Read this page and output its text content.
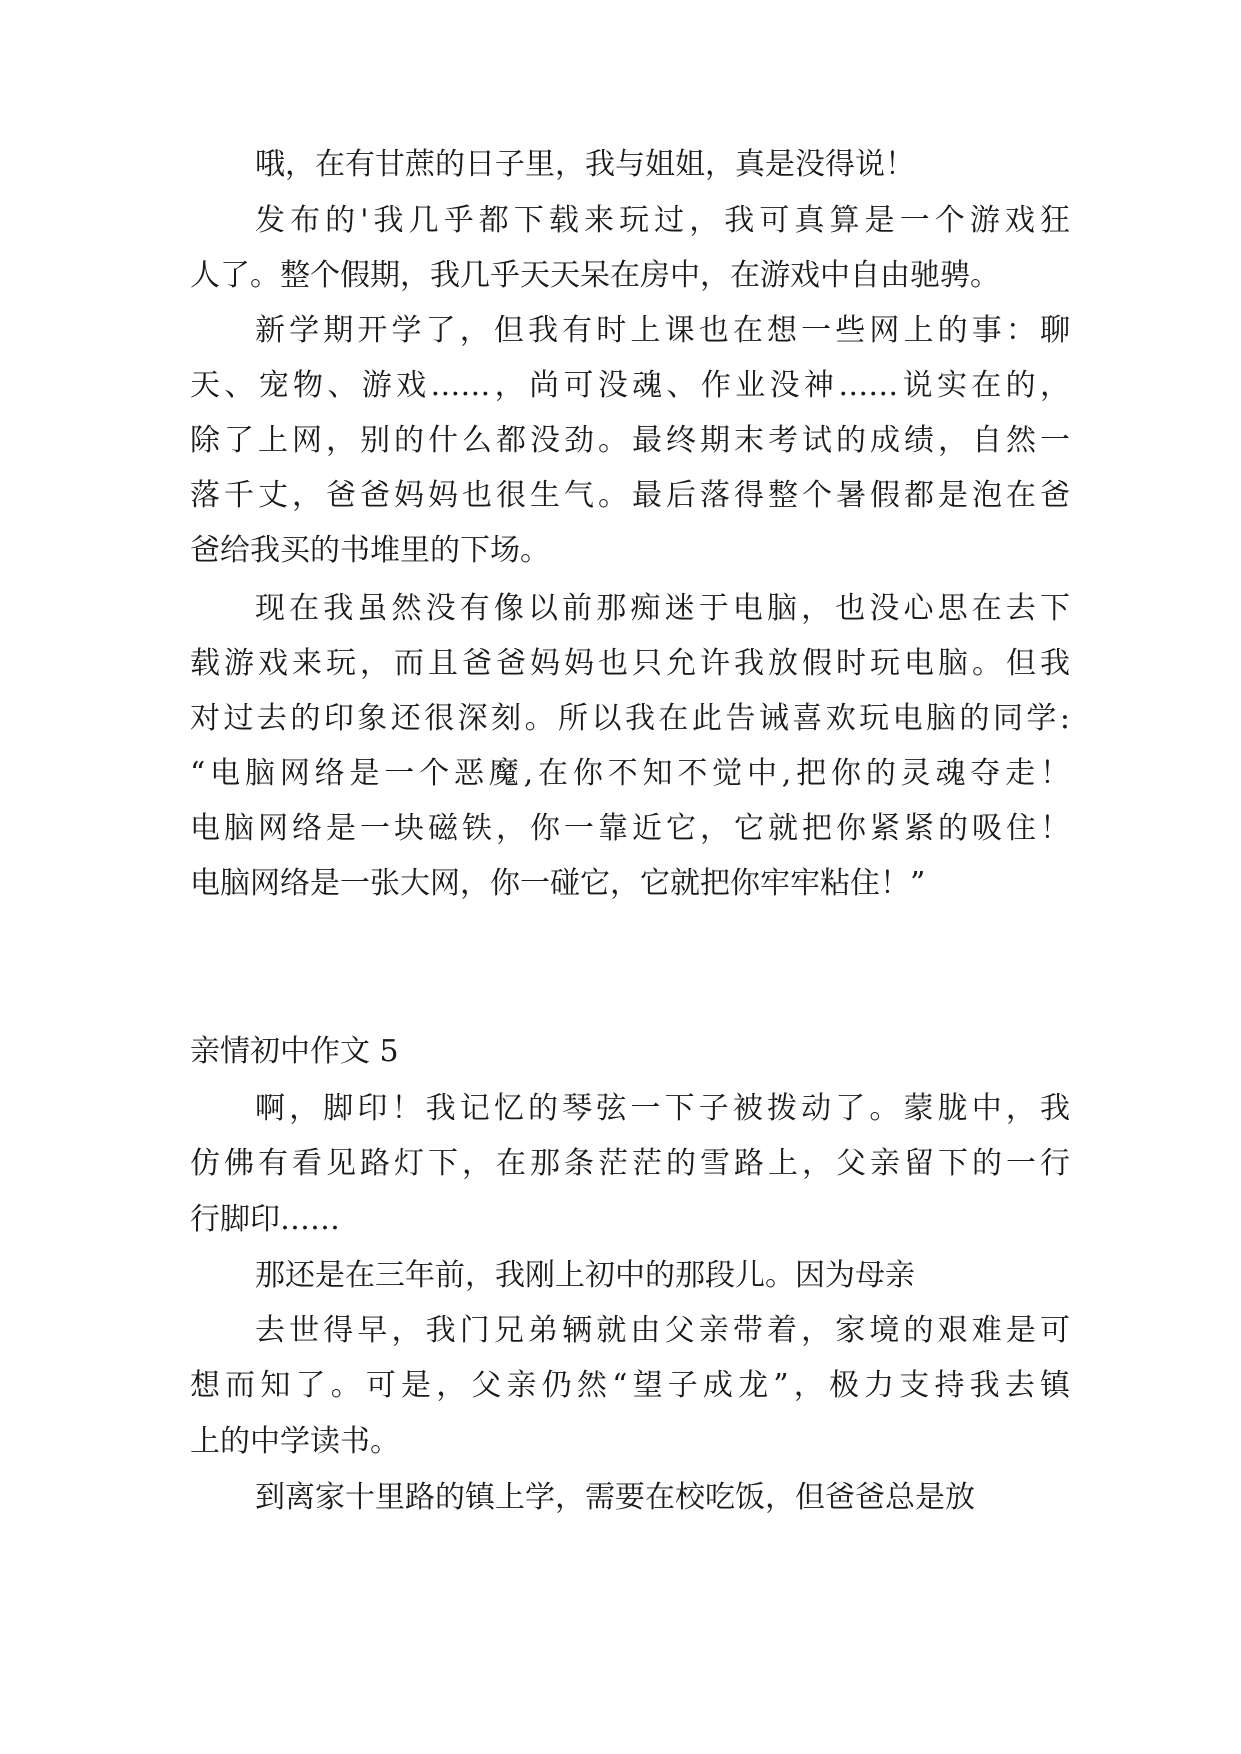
哦，在有甘蔗的日子里，我与姐姐，真是没得说！
发布的'我几乎都下载来玩过，我可真算是一个游戏狂
人了。整个假期，我几乎天天呆在房中，在游戏中自由驰骋。
新学期开学了，但我有时上课也在想一些网上的事：聊
天、宠物、游戏……，尚可没魂、作业没神……说实在的，
除了上网，别的什么都没劲。最终期末考试的成绩，自然一
落千丈，爸爸妈妈也很生气。最后落得整个暑假都是泡在爸
爸给我买的书堆里的下场。
现在我虽然没有像以前那痴迷于电脑，也没心思在去下
载游戏来玩，而且爸爸妈妈也只允许我放假时玩电脑。但我
对过去的印象还很深刻。所以我在此告诫喜欢玩电脑的同学:
“电脑网络是一个恶魔,在你不知不觉中,把你的灵魂夺走！
电脑网络是一块磁铁，你一靠近它，它就把你紧紧的吸住！
电脑网络是一张大网，你一碰它，它就把你牢牢粘住！”
亲情初中作文 5
啊，脚印！我记忆的琴弦一下子被拨动了。蒙胧中，我
仿佛有看见路灯下，在那条茫茫的雪路上，父亲留下的一行
行脚印……
那还是在三年前，我刚上初中的那段儿。因为母亲
去世得早，我门兄弟辆就由父亲带着，家境的艰难是可
想而知了。可是，父亲仍然“望子成龙”，极力支持我去镇
上的中学读书。
到离家十里路的镇上学，需要在校吃饭，但爸爸总是放
